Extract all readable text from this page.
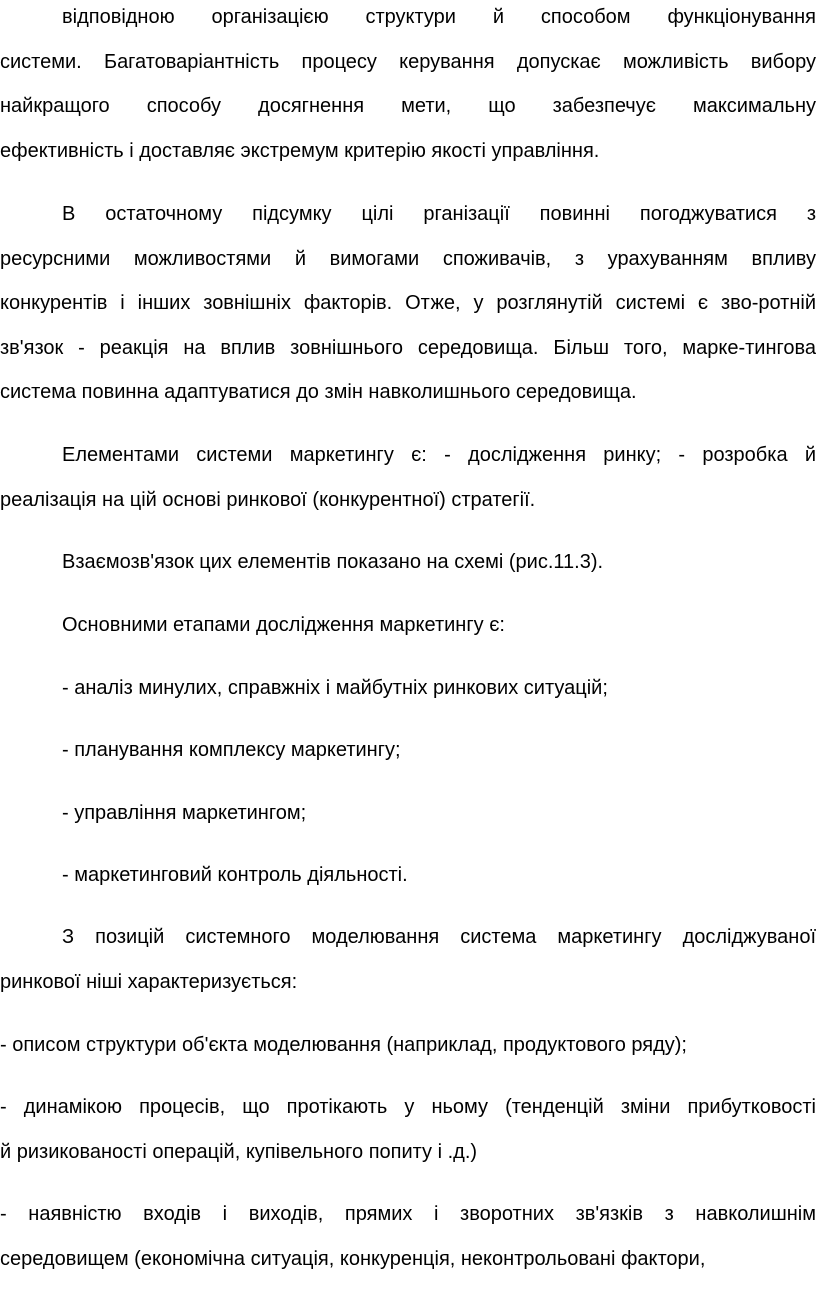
відповідною організацією структури й способом функціонування
системи. Багатоваріантність процесу керування допускає можливість вибору
найкращого способу досягнення мети, що забезпечує максимальну
ефективність і доставляє экстремум критерію якості управління.
В остаточному підсумку цілі рганізації повинні погоджуватися з
ресурсними можливостями й вимогами споживачів, з урахуванням впливу
конкурентів і інших зовнішніх факторів. Отже, у розглянутій системі є зво-ротній
зв'язок - реакція на вплив зовнішнього середовища. Більш того, марке-тингова
система повинна адаптуватися до змін навколишнього середовища.
Елементами системи маркетингу є: - дослідження ринку; - розробка й
реалізація на цій основі ринкової (конкурентної) стратегії.
Взаємозв'язок цих елементів показано на схемі (рис.11.3).
Основними етапами дослідження маркетингу є:
- аналіз минулих, справжніх і майбутніх ринкових ситуацій;
- планування комплексу маркетингу;
- управління маркетингом;
- маркетинговий контроль діяльності.
З позицій системного моделювання система маркетингу досліджуваної
ринкової ніші характеризується:
- описом структури об'єкта моделювання (наприклад, продуктового ряду);
- динамікою процесів, що протікають у ньому (тенденцій зміни прибутковості
й ризикованості операцій, купівельного попиту і .д.)
- наявністю входів і виходів, прямих і зворотних зв'язків з навколишнім
середовищем (економічна ситуація, конкуренція, неконтрольовані фактори,
